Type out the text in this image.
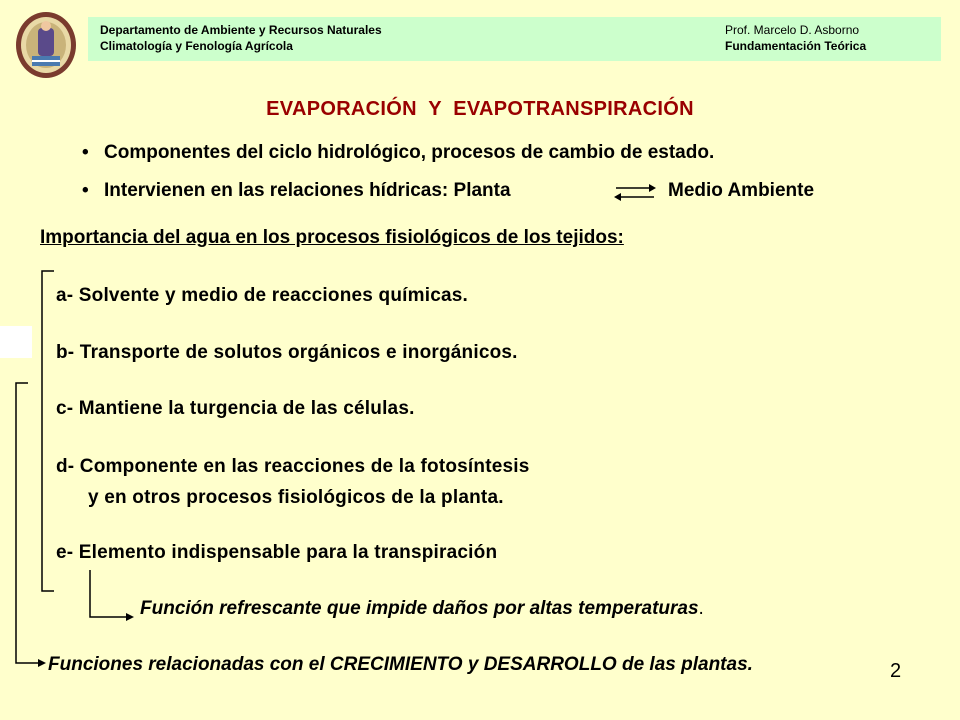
Departamento de Ambiente y Recursos Naturales
Climatología y Fenología Agrícola
Prof. Marcelo D. Asborno
Fundamentación Teórica
EVAPORACIÓN  Y  EVAPOTRANSPIRACIÓN
• Componentes del ciclo hidrológico, procesos de cambio de estado.
• Intervienen en las relaciones hídricas: Planta	Medio Ambiente
Importancia del agua en los procesos fisiológicos de los tejidos:
a- Solvente y medio de reacciones químicas.
b- Transporte de solutos orgánicos e inorgánicos.
c- Mantiene la turgencia de las células.
d- Componente en las reacciones de la fotosíntesis
y en otros procesos fisiológicos de la planta.
e- Elemento indispensable para la transpiración
Función refrescante que impide daños por altas temperaturas.
2
Funciones relacionadas con el CRECIMIENTO y DESARROLLO de las plantas.
